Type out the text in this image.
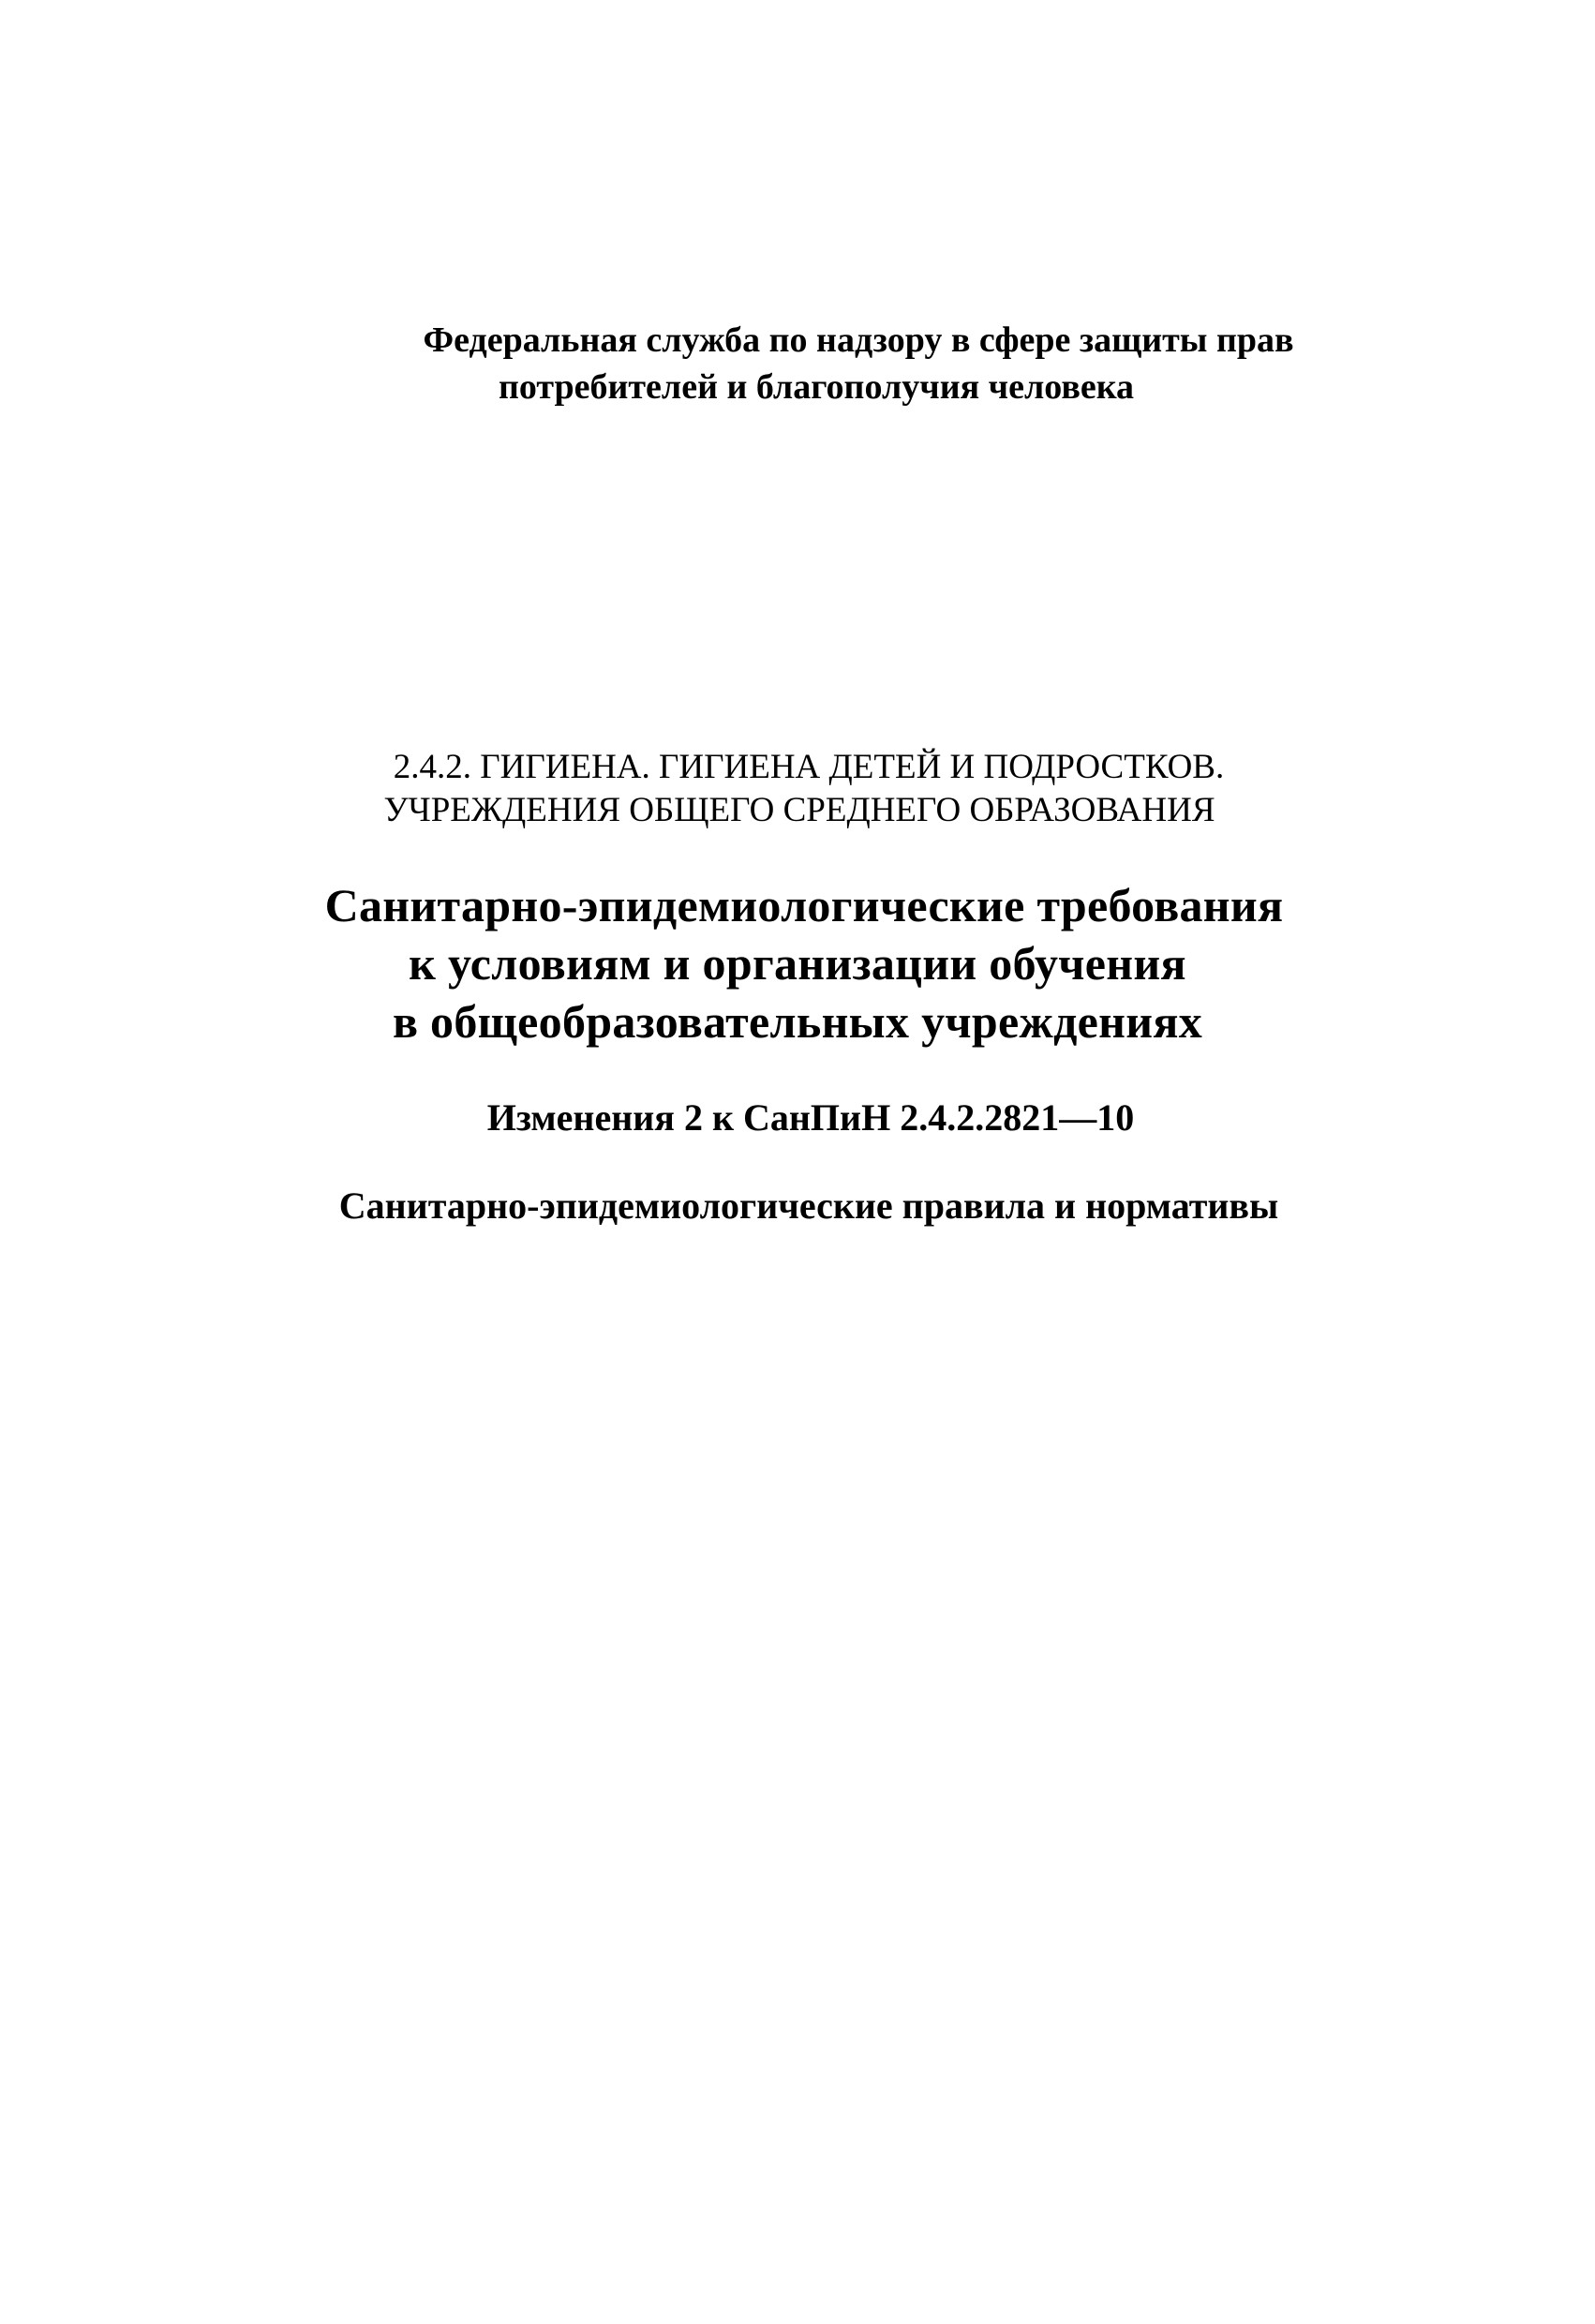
Федеральная служба по надзору в сфере защиты прав
потребителей и благополучия человека
2.4.2. ГИГИЕНА. ГИГИЕНА ДЕТЕЙ И ПОДРОСТКОВ.
УЧРЕЖДЕНИЯ ОБЩЕГО СРЕДНЕГО ОБРАЗОВАНИЯ
Санитарно-эпидемиологические требования
к условиям и организации обучения
в общеобразовательных учреждениях
Изменения 2 к СанПиН 2.4.2.2821—10
Санитарно-эпидемиологические правила и нормативы
